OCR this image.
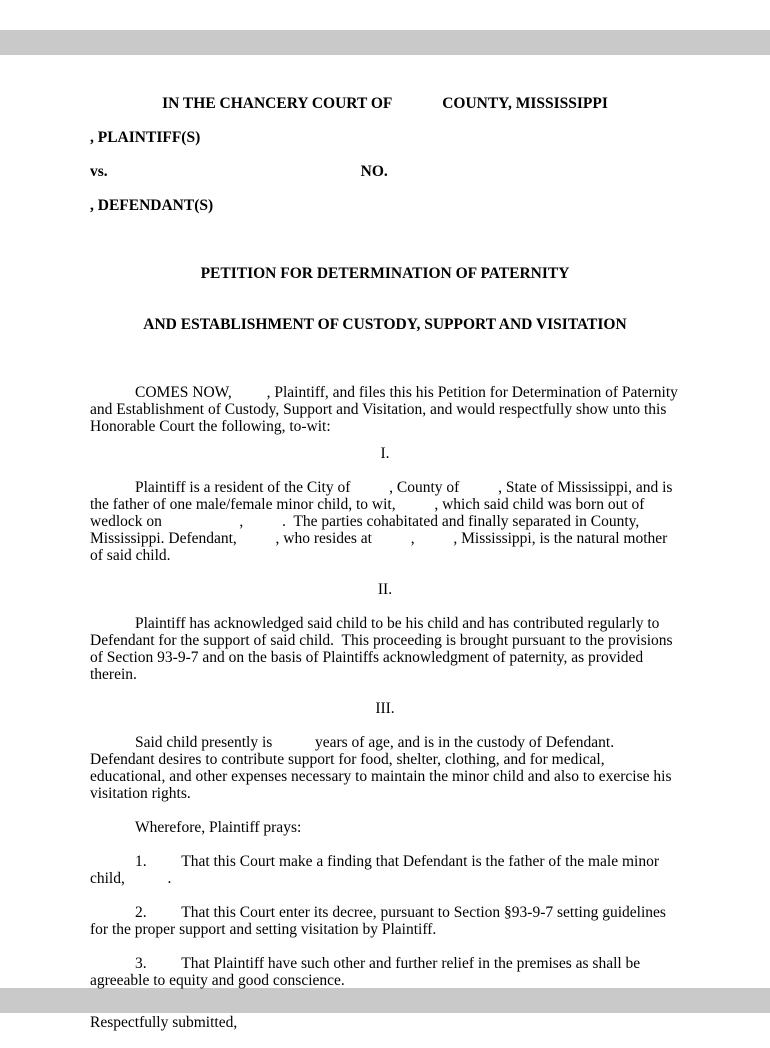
IN THE CHANCERY COURT OF             COUNTY, MISSISSIPPI

, PLAINTIFF(S)

vs.	NO.

, DEFENDANT(S)

PETITION FOR DETERMINATION OF PATERNITY

AND ESTABLISHMENT OF CUSTODY, SUPPORT AND VISITATION

COMES NOW,         , Plaintiff, and files this his Petition for Determination of Paternity and Establishment of Custody, Support and Visitation, and would respectfully show unto this Honorable Court the following, to-wit:

I.

Plaintiff is a resident of the City of          , County of          , State of Mississippi, and is the father of one male/female minor child, to wit,          , which said child was born out of wedlock on                    ,          .  The parties cohabitated and finally separated in County, Mississippi. Defendant,          , who resides at          ,          , Mississippi, is the natural mother of said child.

II.

Plaintiff has acknowledged said child to be his child and has contributed regularly to Defendant for the support of said child.  This proceeding is brought pursuant to the provisions of Section 93-9-7 and on the basis of Plaintiffs acknowledgment of paternity, as provided therein.

III.

Said child presently is           years of age, and is in the custody of Defendant. Defendant desires to contribute support for food, shelter, clothing, and for medical, educational, and other expenses necessary to maintain the minor child and also to exercise his visitation rights.

Wherefore, Plaintiff prays:

1.         That this Court make a finding that Defendant is the father of the male minor child,           .

2.         That this Court enter its decree, pursuant to Section §93-9-7 setting guidelines for the proper support and setting visitation by Plaintiff.

3.         That Plaintiff have such other and further relief in the premises as shall be agreeable to equity and good conscience.

Respectfully submitted,
